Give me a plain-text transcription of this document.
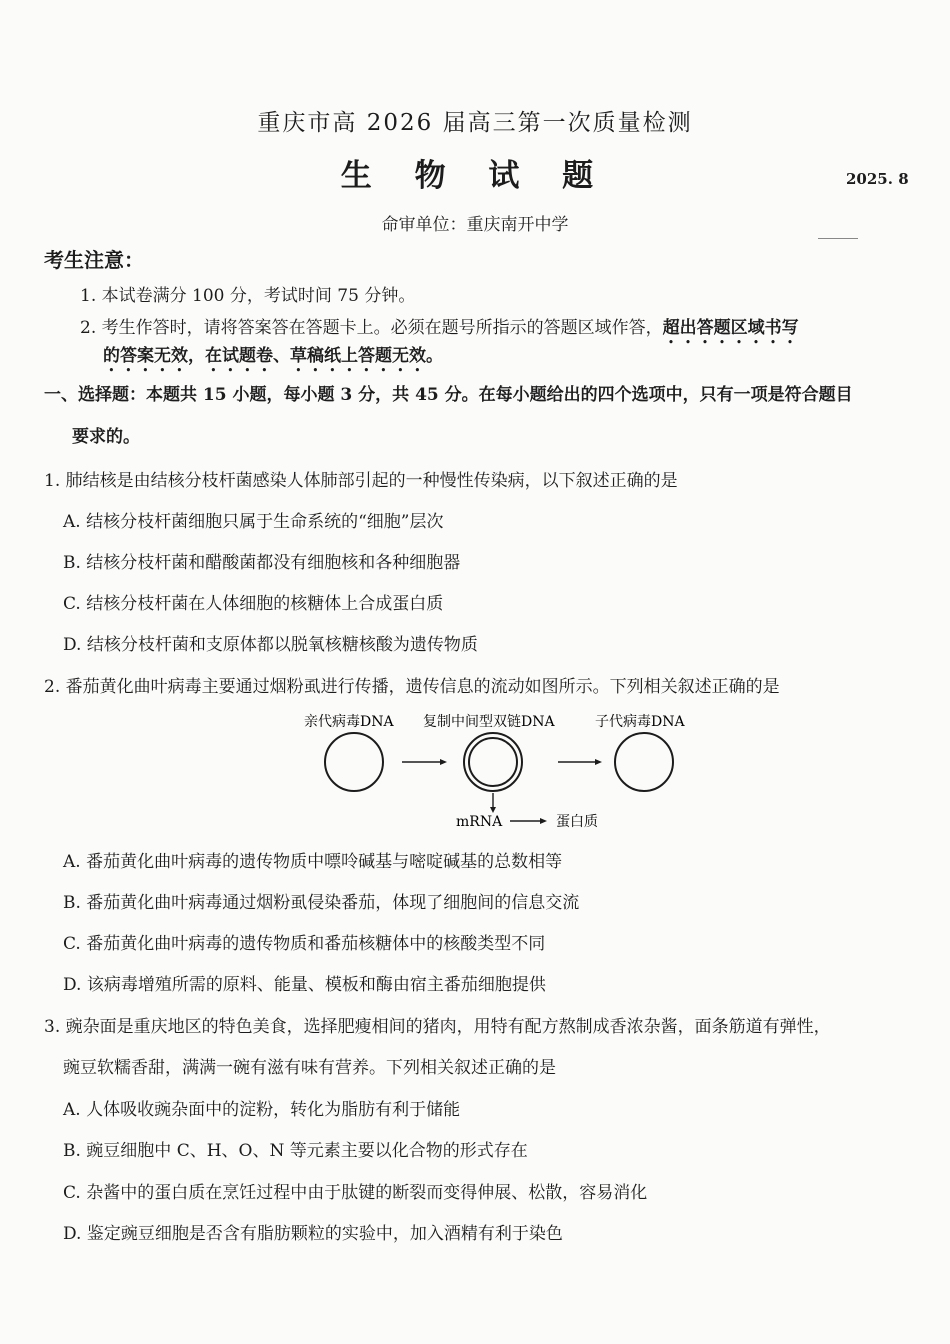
重庆市高 2026 届高三第一次质量检测
生 物 试 题	2025. 8
命审单位：重庆南开中学
考生注意：
1. 本试卷满分 100 分，考试时间 75 分钟。
2. 考生作答时，请将答案答在答题卡上。必须在题号所指示的答题区域作答，超出答题区域书写
的答案无效，在试题卷、草稿纸上答题无效。
一、选择题：本题共 15 小题，每小题 3 分，共 45 分。在每小题给出的四个选项中，只有一项是符合题目
要求的。
1. 肺结核是由结核分枝杆菌感染人体肺部引起的一种慢性传染病，以下叙述正确的是
A. 结核分枝杆菌细胞只属于生命系统的“细胞”层次
B. 结核分枝杆菌和醋酸菌都没有细胞核和各种细胞器
C. 结核分枝杆菌在人体细胞的核糖体上合成蛋白质
D. 结核分枝杆菌和支原体都以脱氧核糖核酸为遗传物质
2. 番茄黄化曲叶病毒主要通过烟粉虱进行传播，遗传信息的流动如图所示。下列相关叙述正确的是
亲代病毒DNA 复制中间型双链DNA	子代病毒DNA
mRNA	蛋白质
A. 番茄黄化曲叶病毒的遗传物质中嘌呤碱基与嘧啶碱基的总数相等
B. 番茄黄化曲叶病毒通过烟粉虱侵染番茄，体现了细胞间的信息交流
C. 番茄黄化曲叶病毒的遗传物质和番茄核糖体中的核酸类型不同
D. 该病毒增殖所需的原料、能量、模板和酶由宿主番茄细胞提供
3. 豌杂面是重庆地区的特色美食，选择肥瘦相间的猪肉，用特有配方熬制成香浓杂酱，面条筋道有弹性，
豌豆软糯香甜，满满一碗有滋有味有营养。下列相关叙述正确的是
A. 人体吸收豌杂面中的淀粉，转化为脂肪有利于储能
B. 豌豆细胞中 C、H、O、N 等元素主要以化合物的形式存在
C. 杂酱中的蛋白质在烹饪过程中由于肽键的断裂而变得伸展、松散，容易消化
D. 鉴定豌豆细胞是否含有脂肪颗粒的实验中，加入酒精有利于染色
